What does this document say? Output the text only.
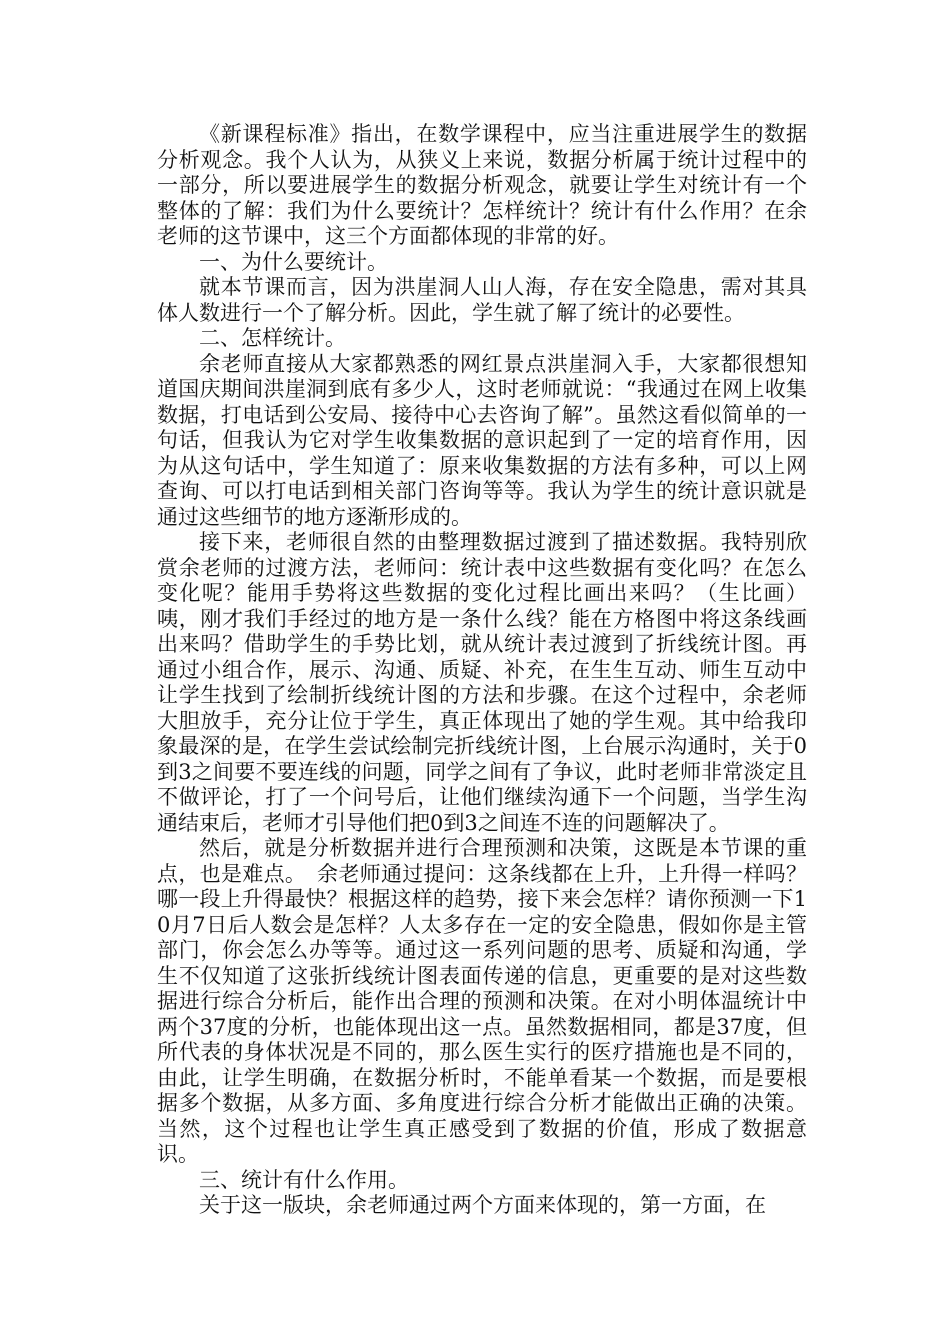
《新课程标准》指出，在数学课程中，应当注重进展学生的数据分析观念。我个人认为，从狭义上来说，数据分析属于统计过程中的一部分，所以要进展学生的数据分析观念，就要让学生对统计有一个整体的了解：我们为什么要统计？怎样统计？统计有什么作用？在余老师的这节课中，这三个方面都体现的非常的好。

一、为什么要统计。

就本节课而言，因为洪崖洞人山人海，存在安全隐患，需对其具体人数进行一个了解分析。因此，学生就了解了统计的必要性。

二、怎样统计。

余老师直接从大家都熟悉的网红景点洪崖洞入手，大家都很想知道国庆期间洪崖洞到底有多少人，这时老师就说：“我通过在网上收集数据，打电话到公安局、接待中心去咨询了解”。虽然这看似简单的一句话，但我认为它对学生收集数据的意识起到了一定的培育作用，因为从这句话中，学生知道了：原来收集数据的方法有多种，可以上网查询、可以打电话到相关部门咨询等等。我认为学生的统计意识就是通过这些细节的地方逐渐形成的。

接下来，老师很自然的由整理数据过渡到了描述数据。我特别欣赏余老师的过渡方法，老师问：统计表中这些数据有变化吗？在怎么变化呢？能用手势将这些数据的变化过程比画出来吗？（生比画）咦，刚才我们手经过的地方是一条什么线？能在方格图中将这条线画出来吗？借助学生的手势比划，就从统计表过渡到了折线统计图。再通过小组合作，展示、沟通、质疑、补充，在生生互动、师生互动中让学生找到了绘制折线统计图的方法和步骤。在这个过程中，余老师大胆放手，充分让位于学生，真正体现出了她的学生观。其中给我印象最深的是，在学生尝试绘制完折线统计图，上台展示沟通时，关于0到3之间要不要连线的问题，同学之间有了争议，此时老师非常淡定且不做评论，打了一个问号后，让他们继续沟通下一个问题，当学生沟通结束后，老师才引导他们把0到3之间连不连的问题解决了。

然后，就是分析数据并进行合理预测和决策，这既是本节课的重点，也是难点。　余老师通过提问：这条线都在上升，上升得一样吗？哪一段上升得最快？根据这样的趋势，接下来会怎样？请你预测一下10月7日后人数会是怎样？人太多存在一定的安全隐患，假如你是主管部门，你会怎么办等等。通过这一系列问题的思考、质疑和沟通，学生不仅知道了这张折线统计图表面传递的信息，更重要的是对这些数据进行综合分析后，能作出合理的预测和决策。在对小明体温统计中两个37度的分析，也能体现出这一点。虽然数据相同，都是37度，但所代表的身体状况是不同的，那么医生实行的医疗措施也是不同的，由此，让学生明确，在数据分析时，不能单看某一个数据，而是要根据多个数据，从多方面、多角度进行综合分析才能做出正确的决策。当然，这个过程也让学生真正感受到了数据的价值，形成了数据意识。

三、统计有什么作用。

关于这一版块，余老师通过两个方面来体现的，第一方面，在
